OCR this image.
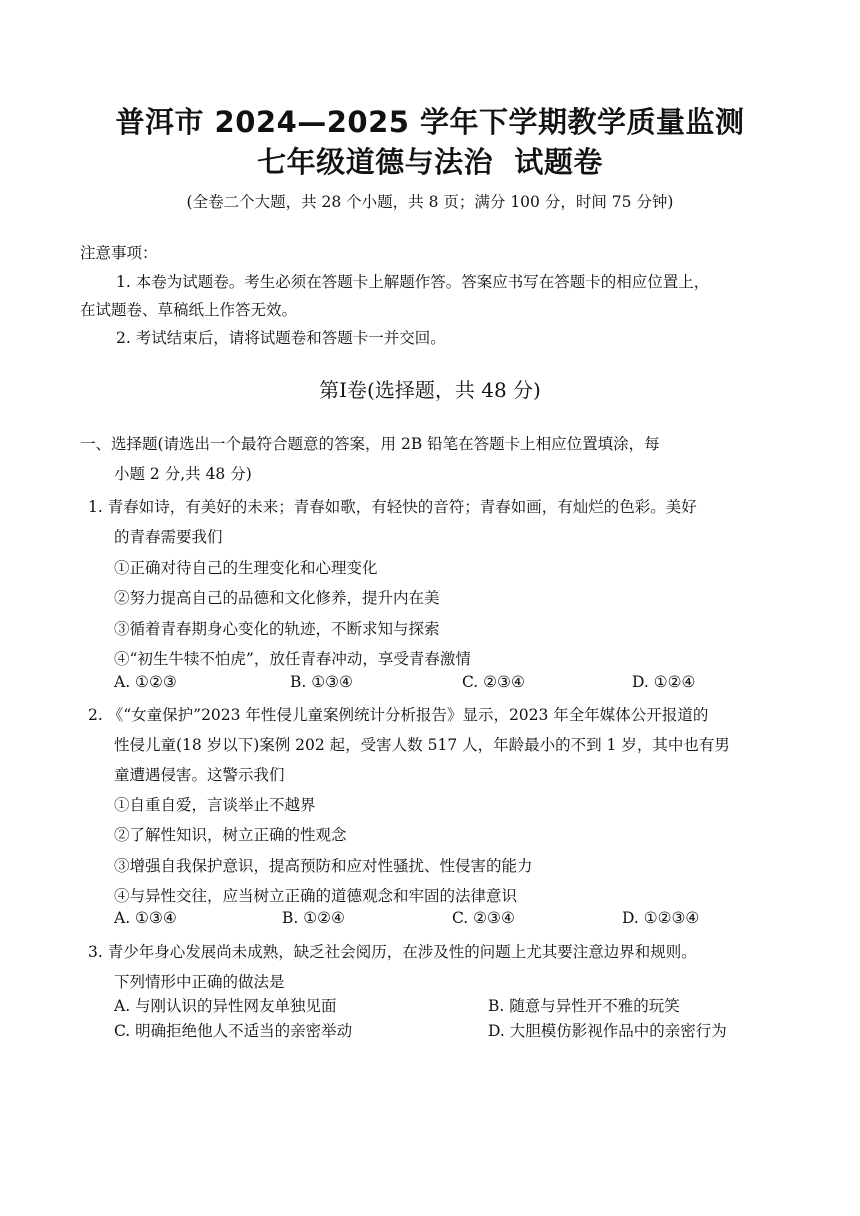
普洱市 2024—2025 学年下学期教学质量监测
七年级道德与法治  试题卷
(全卷二个大题，共 28 个小题，共 8 页；满分 100 分，时间 75 分钟)
注意事项：
1. 本卷为试题卷。考生必须在答题卡上解题作答。答案应书写在答题卡的相应位置上，
在试题卷、草稿纸上作答无效。
2. 考试结束后，请将试题卷和答题卡一并交回。
第Ⅰ卷(选择题，共 48 分)
一、选择题(请选出一个最符合题意的答案，用 2B 铅笔在答题卡上相应位置填涂，每
小题 2 分,共 48 分)
1. 青春如诗，有美好的未来；青春如歌，有轻快的音符；青春如画，有灿烂的色彩。美好
的青春需要我们
①正确对待自己的生理变化和心理变化
②努力提高自己的品德和文化修养，提升内在美
③循着青春期身心变化的轨迹，不断求知与探索
④“初生牛犊不怕虎”，放任青春冲动，享受青春激情
A. ①②③	B. ①③④	C. ②③④	D. ①②④
2. 《“女童保护”2023 年性侵儿童案例统计分析报告》显示，2023 年全年媒体公开报道的
性侵儿童(18 岁以下)案例 202 起，受害人数 517 人，年龄最小的不到 1 岁，其中也有男
童遭遇侵害。这警示我们
①自重自爱，言谈举止不越界
②了解性知识，树立正确的性观念
③增强自我保护意识，提高预防和应对性骚扰、性侵害的能力
④与异性交往，应当树立正确的道德观念和牢固的法律意识
A. ①③④	B. ①②④	C. ②③④	D. ①②③④
3. 青少年身心发展尚未成熟，缺乏社会阅历，在涉及性的问题上尤其要注意边界和规则。
下列情形中正确的做法是
A. 与刚认识的异性网友单独见面	B. 随意与异性开不雅的玩笑
C. 明确拒绝他人不适当的亲密举动	D. 大胆模仿影视作品中的亲密行为
